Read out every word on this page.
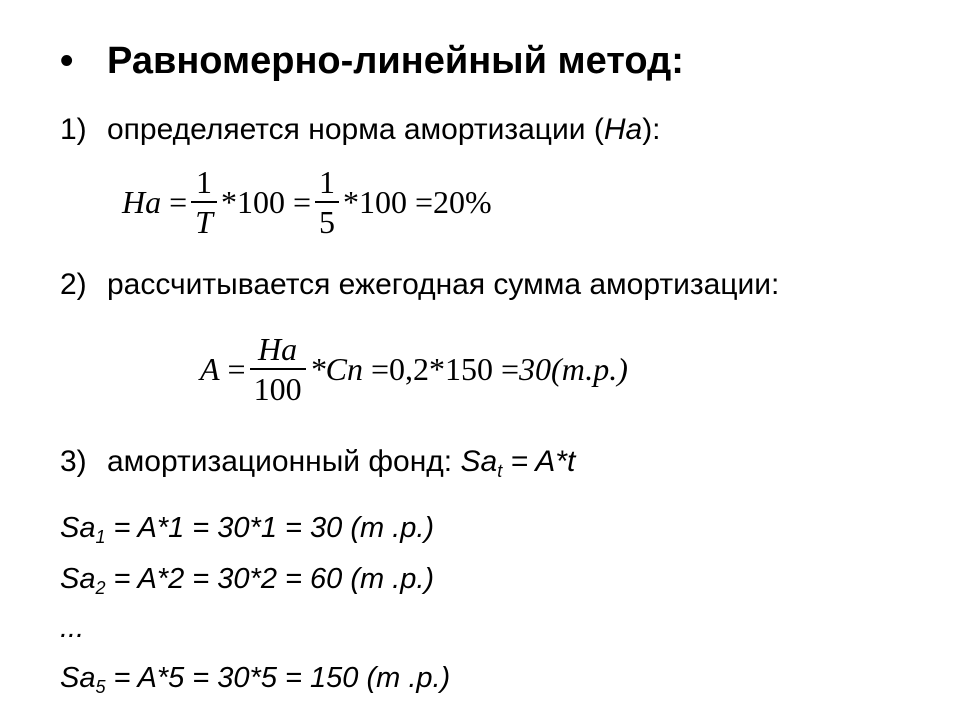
• Равномерно-линейный метод:
1) определяется норма амортизации (На):
На = $\frac{1}{Т} *100 = \frac{1}{5} *100 = 20\%$
2) рассчитывается ежегодная сумма амортизации:
$А = \frac{На}{100} *Сп = 0,2*150 = 30(т.р.)$
3) амортизационный фонд: $Sa_t = A*t$
$Sa_1 = A*1 = 30*1 = 30$ (т .р.)
$Sa_2 = A*2 = 30*2 = 60$ (т .р.)
...
$Sa_5 = A*5 = 30*5 = 150$ (т .р.)
